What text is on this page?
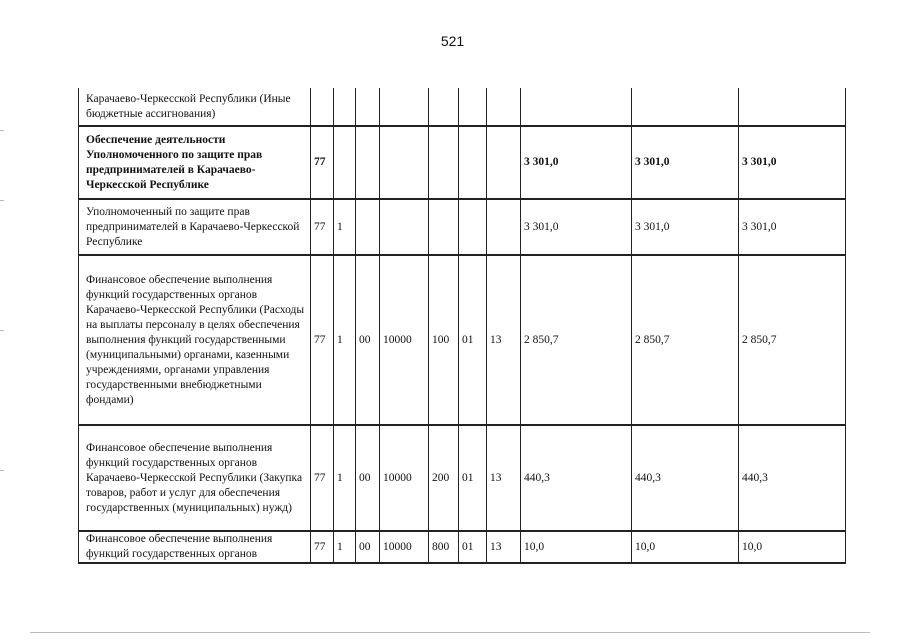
521
Карачаево-Черкесской Республики (Иные бюджетные ассигнования)										
Обеспечение деятельности Уполномоченного по защите прав предпринимателей в Карачаево-Черкесской Республике	77							3 301,0	3 301,0	3 301,0
Уполномоченный по защите прав предпринимателей в Карачаево-Черкесской Республике	77	1						3 301,0	3 301,0	3 301,0
Финансовое обеспечение выполнения функций государственных органов Карачаево-Черкесской Республики (Расходы на выплаты персоналу в целях обеспечения выполнения функций государственными (муниципальными) органами, казенными учреждениями, органами управления государственными внебюджетными фондами)	77	1	00	10000	100	01	13	2 850,7	2 850,7	2 850,7
Финансовое обеспечение выполнения функций государственных органов Карачаево-Черкесской Республики (Закупка товаров, работ и услуг для обеспечения государственных (муниципальных) нужд)	77	1	00	10000	200	01	13	440,3	440,3	440,3
Финансовое обеспечение выполнения функций государственных органов	77	1	00	10000	800	01	13	10,0	10,0	10,0
